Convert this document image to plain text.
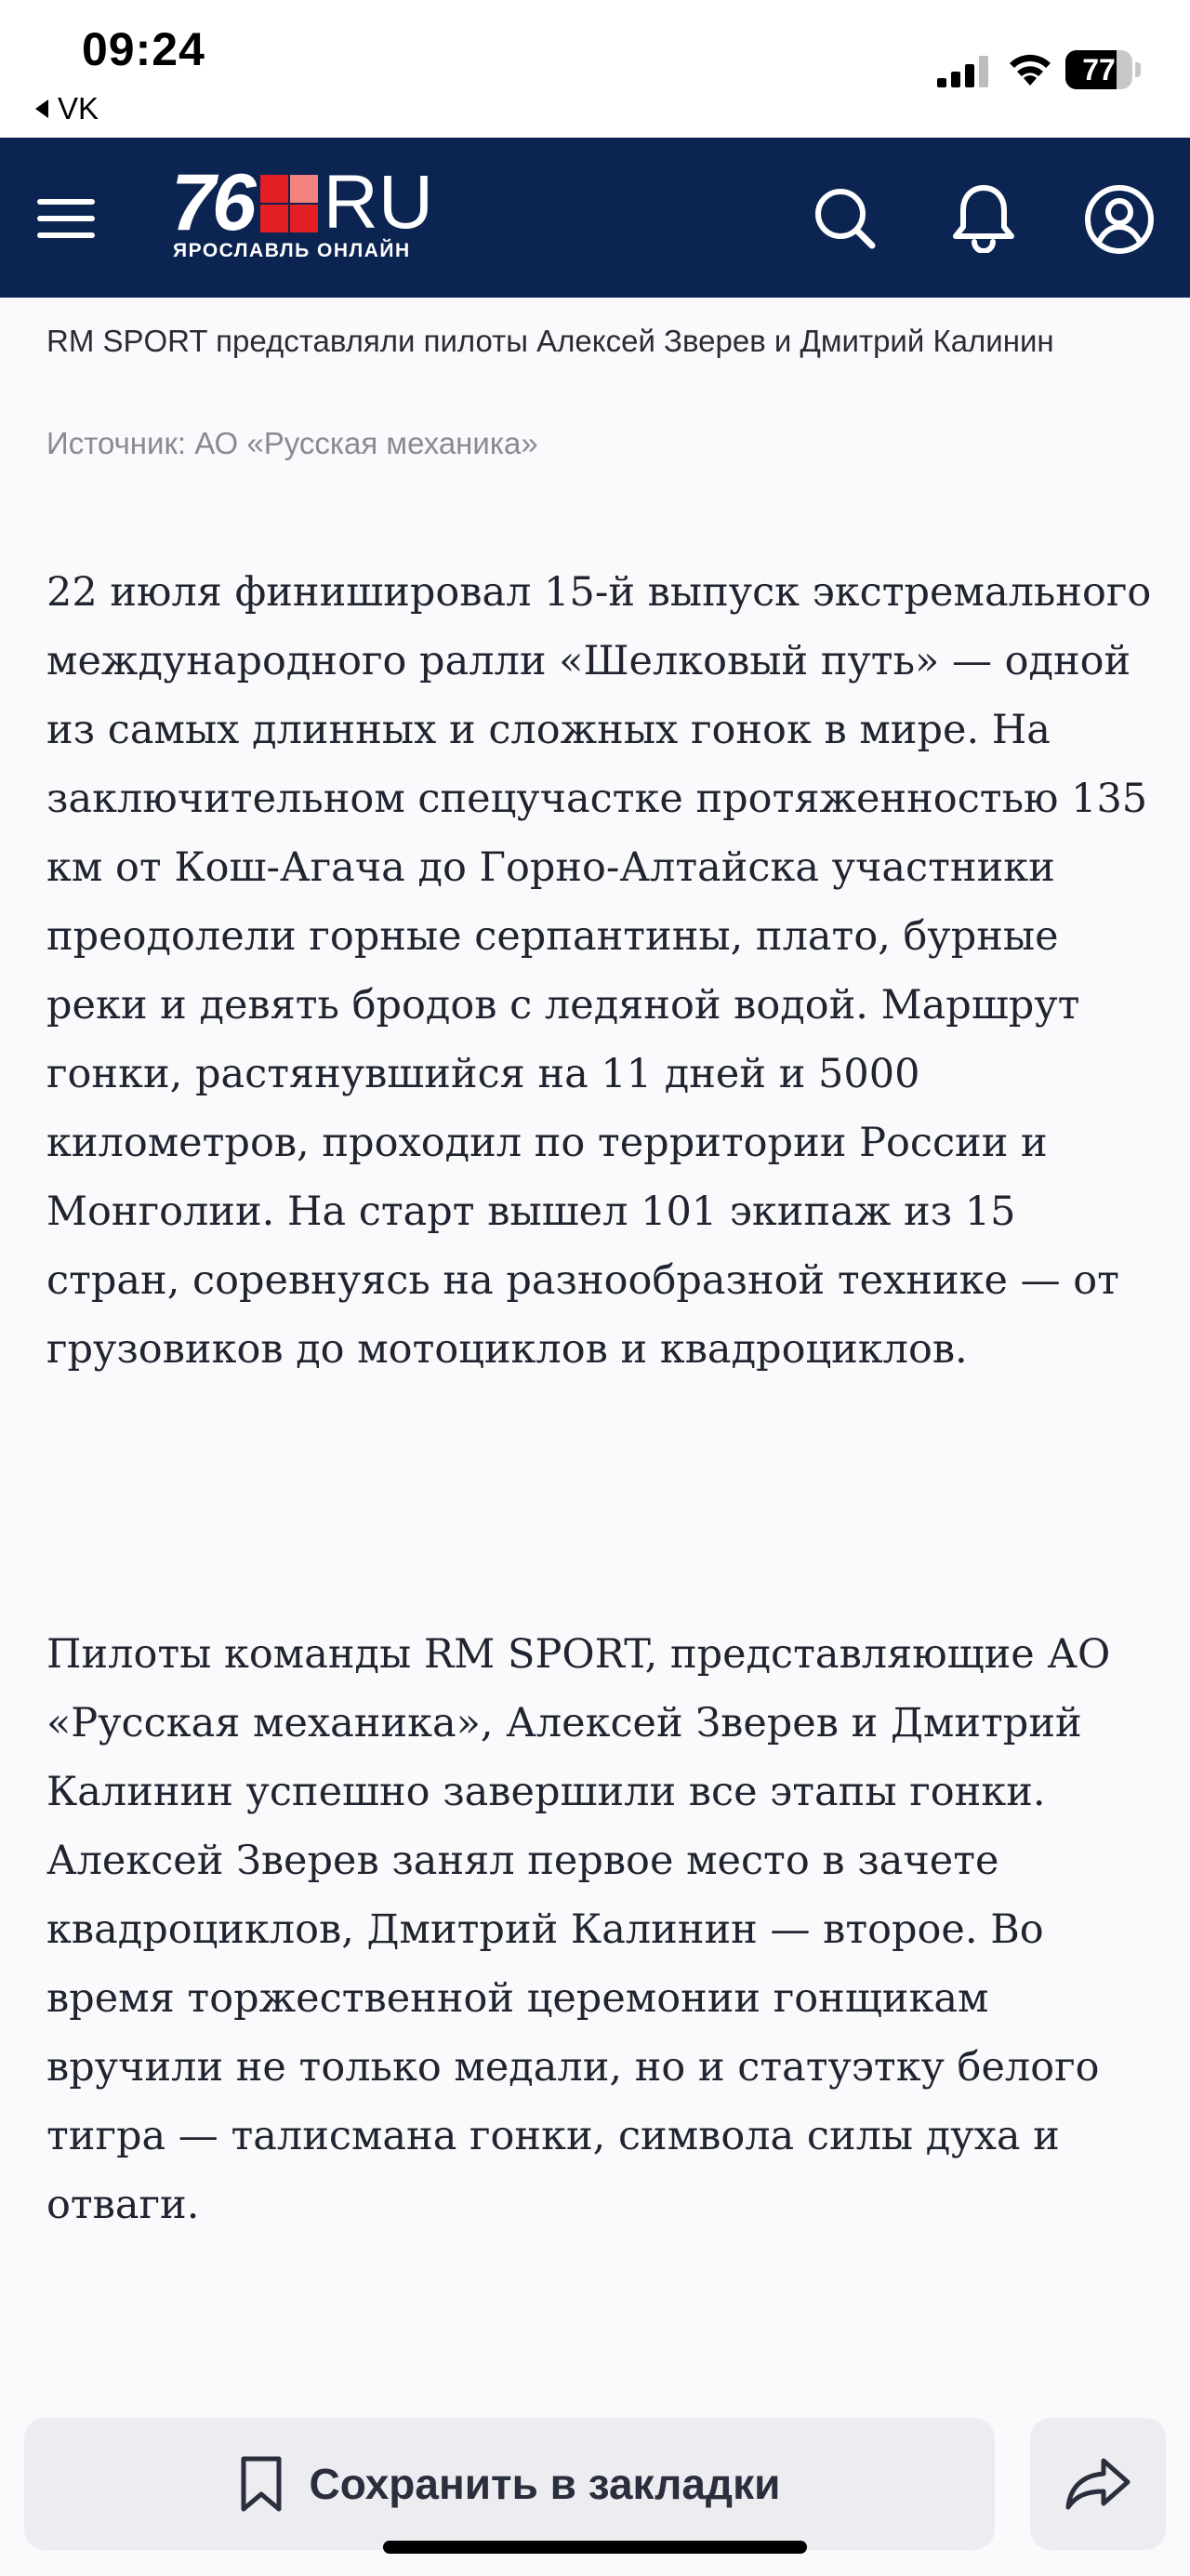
09:24
VK
77
76 RU
ЯРОСЛАВЛЬ ОНЛАЙН
RM SPORT представляли пилоты Алексей Зверев и Дмитрий Калинин
Источник: АО «Русская механика»

22 июля финишировал 15-й выпуск экстремального международного ралли «Шелковый путь» — одной из самых длинных и сложных гонок в мире. На заключительном спецучастке протяженностью 135 км от Кош-Агача до Горно-Алтайска участники преодолели горные серпантины, плато, бурные реки и девять бродов с ледяной водой. Маршрут гонки, растянувшийся на 11 дней и 5000 километров, проходил по территории России и Монголии. На старт вышел 101 экипаж из 15 стран, соревнуясь на разнообразной технике — от грузовиков до мотоциклов и квадроциклов.

Пилоты команды RM SPORT, представляющие АО «Русская механика», Алексей Зверев и Дмитрий Калинин успешно завершили все этапы гонки. Алексей Зверев занял первое место в зачете квадроциклов, Дмитрий Калинин — второе. Во время торжественной церемонии гонщикам вручили не только медали, но и статуэтку белого тигра — талисмана гонки, символа силы духа и отваги.

Сохранить в закладки
